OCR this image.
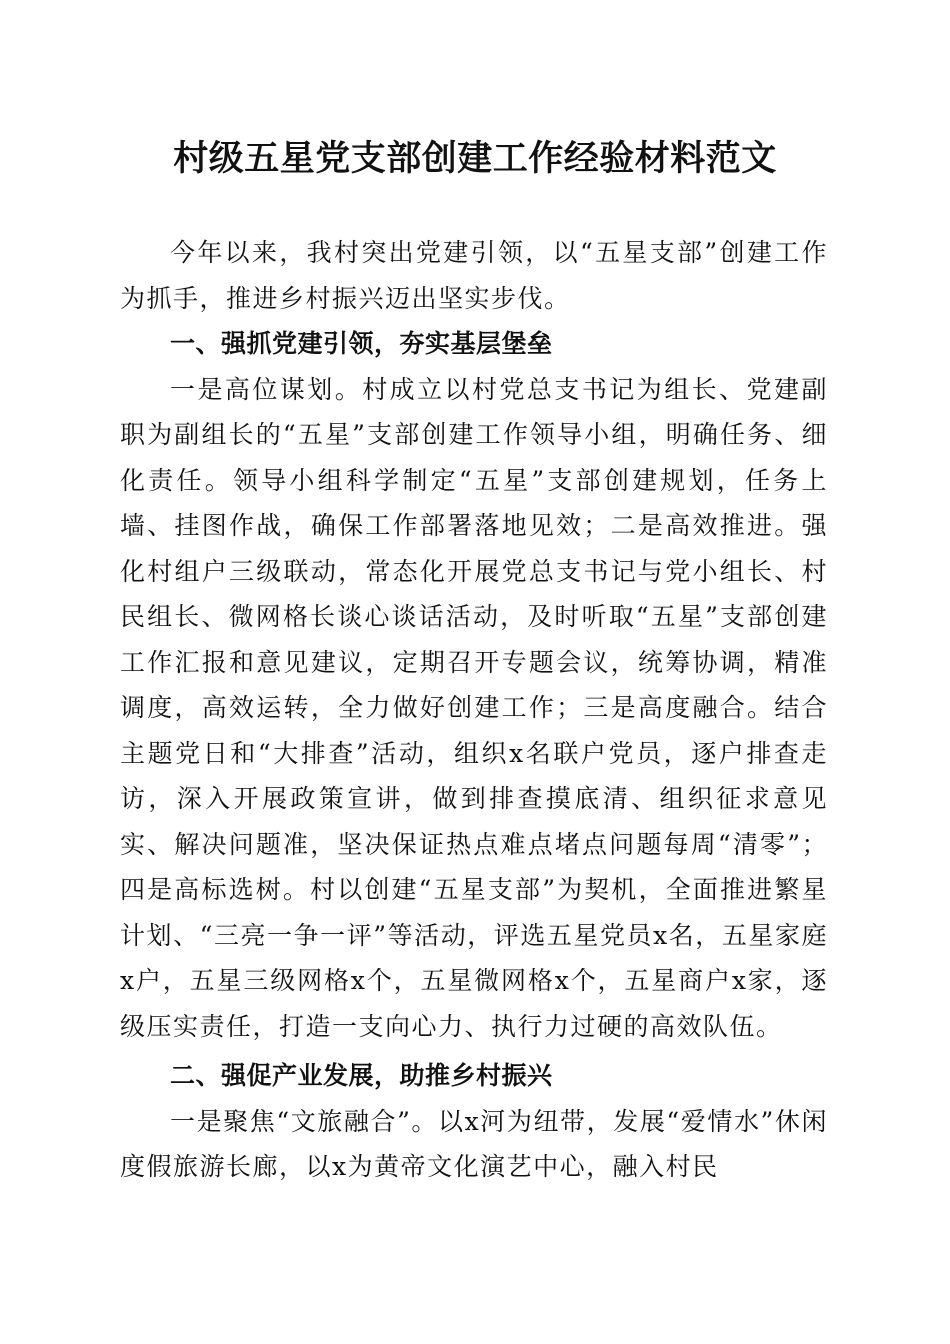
村级五星党支部创建工作经验材料范文

今年以来，我村突出党建引领，以“五星支部”创建工作为抓手，推进乡村振兴迈出坚实步伐。

一、强抓党建引领，夯实基层堡垒

一是高位谋划。村成立以村党总支书记为组长、党建副职为副组长的“五星”支部创建工作领导小组，明确任务、细化责任。领导小组科学制定“五星”支部创建规划，任务上墙、挂图作战，确保工作部署落地见效；二是高效推进。强化村组户三级联动，常态化开展党总支书记与党小组长、村民组长、微网格长谈心谈话活动，及时听取“五星”支部创建工作汇报和意见建议，定期召开专题会议，统筹协调，精准调度，高效运转，全力做好创建工作；三是高度融合。结合主题党日和“大排查”活动，组织x名联户党员，逐户排查走访，深入开展政策宣讲，做到排查摸底清、组织征求意见实、解决问题准，坚决保证热点难点堵点问题每周“清零”；四是高标选树。村以创建“五星支部”为契机，全面推进繁星计划、“三亮一争一评”等活动，评选五星党员x名，五星家庭x户，五星三级网格x个，五星微网格x个，五星商户x家，逐级压实责任，打造一支向心力、执行力过硬的高效队伍。

二、强促产业发展，助推乡村振兴

一是聚焦“文旅融合”。以x河为纽带，发展“爱情水”休闲度假旅游长廊，以x为黄帝文化演艺中心，融入村民
